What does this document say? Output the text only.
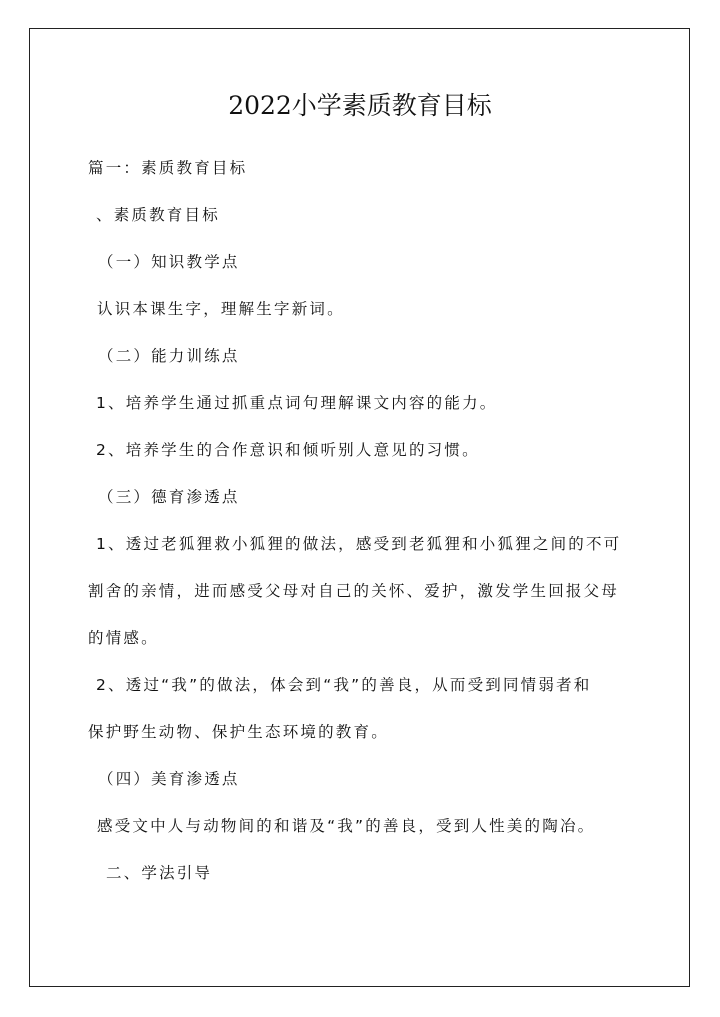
2022小学素质教育目标
篇一：素质教育目标
、素质教育目标
（一）知识教学点
认识本课生字，理解生字新词。
（二）能力训练点
1、培养学生通过抓重点词句理解课文内容的能力。
2、培养学生的合作意识和倾听别人意见的习惯。
（三）德育渗透点
1、透过老狐狸救小狐狸的做法，感受到老狐狸和小狐狸之间的不可
割舍的亲情，进而感受父母对自己的关怀、爱护，激发学生回报父母
的情感。
2、透过“我”的做法，体会到“我”的善良，从而受到同情弱者和
保护野生动物、保护生态环境的教育。
（四）美育渗透点
感受文中人与动物间的和谐及“我”的善良，受到人性美的陶冶。
二、学法引导
